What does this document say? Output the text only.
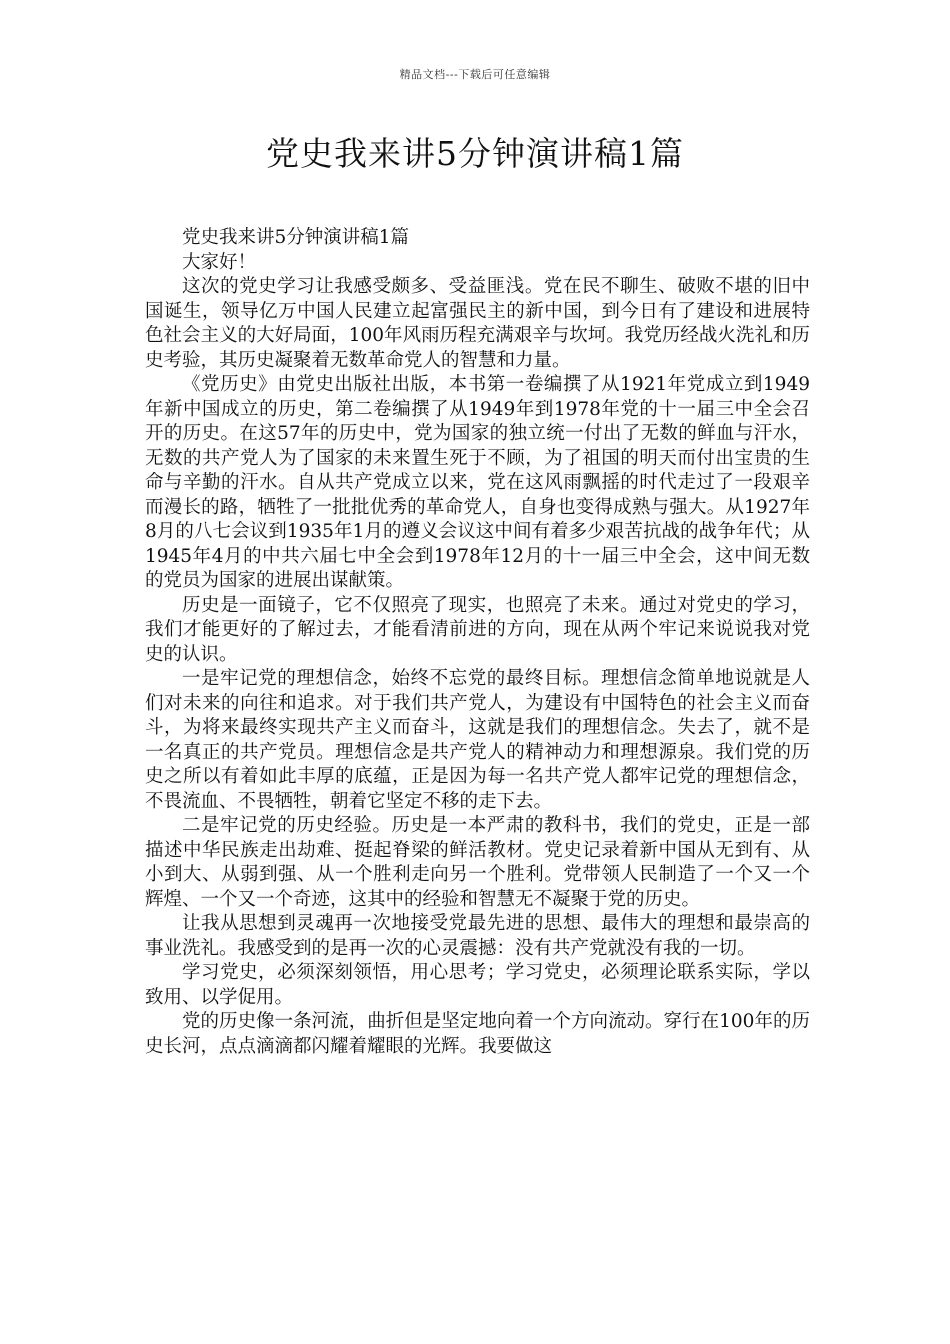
精品文档---下载后可任意编辑
党史我来讲5分钟演讲稿1篇

党史我来讲5分钟演讲稿1篇

大家好！

这次的党史学习让我感受颇多、受益匪浅。党在民不聊生、破败不堪的旧中国诞生，领导亿万中国人民建立起富强民主的新中国，到今日有了建设和进展特色社会主义的大好局面，100年风雨历程充满艰辛与坎坷。我党历经战火洗礼和历史考验，其历史凝聚着无数革命党人的智慧和力量。

《党历史》由党史出版社出版，本书第一卷编撰了从1921年党成立到1949年新中国成立的历史，第二卷编撰了从1949年到1978年党的十一届三中全会召开的历史。在这57年的历史中，党为国家的独立统一付出了无数的鲜血与汗水，无数的共产党人为了国家的未来置生死于不顾，为了祖国的明天而付出宝贵的生命与辛勤的汗水。自从共产党成立以来，党在这风雨飘摇的时代走过了一段艰辛而漫长的路，牺牲了一批批优秀的革命党人，自身也变得成熟与强大。从1927年8月的八七会议到1935年1月的遵义会议这中间有着多少艰苦抗战的战争年代；从1945年4月的中共六届七中全会到1978年12月的十一届三中全会，这中间无数的党员为国家的进展出谋献策。

历史是一面镜子，它不仅照亮了现实，也照亮了未来。通过对党史的学习，我们才能更好的了解过去，才能看清前进的方向，现在从两个牢记来说说我对党史的认识。

一是牢记党的理想信念，始终不忘党的最终目标。理想信念简单地说就是人们对未来的向往和追求。对于我们共产党人，为建设有中国特色的社会主义而奋斗，为将来最终实现共产主义而奋斗，这就是我们的理想信念。失去了，就不是一名真正的共产党员。理想信念是共产党人的精神动力和理想源泉。我们党的历史之所以有着如此丰厚的底蕴，正是因为每一名共产党人都牢记党的理想信念，不畏流血、不畏牺牲，朝着它坚定不移的走下去。

二是牢记党的历史经验。历史是一本严肃的教科书，我们的党史，正是一部描述中华民族走出劫难、挺起脊梁的鲜活教材。党史记录着新中国从无到有、从小到大、从弱到强、从一个胜利走向另一个胜利。党带领人民制造了一个又一个辉煌、一个又一个奇迹，这其中的经验和智慧无不凝聚于党的历史。

让我从思想到灵魂再一次地接受党最先进的思想、最伟大的理想和最崇高的事业洗礼。我感受到的是再一次的心灵震撼：没有共产党就没有我的一切。

学习党史，必须深刻领悟，用心思考；学习党史，必须理论联系实际，学以致用、以学促用。

党的历史像一条河流，曲折但是坚定地向着一个方向流动。穿行在100年的历史长河，点点滴滴都闪耀着耀眼的光辉。我要做这
